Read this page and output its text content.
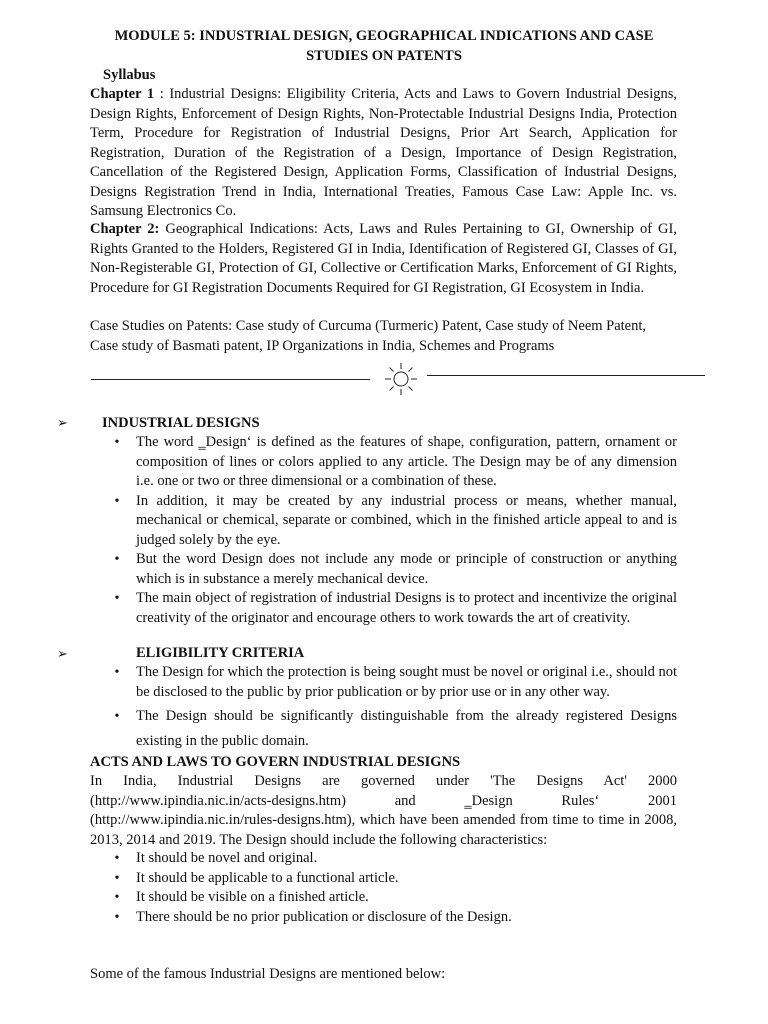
MODULE 5: INDUSTRIAL DESIGN, GEOGRAPHICAL INDICATIONS AND CASE STUDIES ON PATENTS
Syllabus
Chapter 1 : Industrial Designs: Eligibility Criteria, Acts and Laws to Govern Industrial Designs, Design Rights, Enforcement of Design Rights, Non-Protectable Industrial Designs India, Protection Term, Procedure for Registration of Industrial Designs, Prior Art Search, Application for Registration, Duration of the Registration of a Design, Importance of Design Registration, Cancellation of the Registered Design, Application Forms, Classification of Industrial Designs, Designs Registration Trend in India, International Treaties, Famous Case Law: Apple Inc. vs. Samsung Electronics Co.
Chapter 2: Geographical Indications: Acts, Laws and Rules Pertaining to GI, Ownership of GI, Rights Granted to the Holders, Registered GI in India, Identification of Registered GI, Classes of GI, Non-Registerable GI, Protection of GI, Collective or Certification Marks, Enforcement of GI Rights, Procedure for GI Registration Documents Required for GI Registration, GI Ecosystem in India.
Case Studies on Patents: Case study of Curcuma (Turmeric) Patent, Case study of Neem Patent, Case study of Basmati patent, IP Organizations in India, Schemes and Programs
➢ INDUSTRIAL DESIGNS
•	The word ‗Design‘ is defined as the features of shape, configuration, pattern, ornament or composition of lines or colors applied to any article. The Design may be of any dimension i.e. one or two or three dimensional or a combination of these.
•	In addition, it may be created by any industrial process or means, whether manual, mechanical or chemical, separate or combined, which in the finished article appeal to and is judged solely by the eye.
•	But the word Design does not include any mode or principle of construction or anything which is in substance a merely mechanical device.
•	The main object of registration of industrial Designs is to protect and incentivize the original creativity of the originator and encourage others to work towards the art of creativity.
➢	ELIGIBILITY CRITERIA
•	The Design for which the protection is being sought must be novel or original i.e., should not be disclosed to the public by prior publication or by prior use or in any other way.
•	The Design should be significantly distinguishable from the already registered Designs existing in the public domain.
ACTS AND LAWS TO GOVERN INDUSTRIAL DESIGNS
In India, Industrial Designs are governed under 'The Designs Act' 2000 (http://www.ipindia.nic.in/acts-designs.htm) and ‗Design Rules‘ 2001 (http://www.ipindia.nic.in/rules-designs.htm), which have been amended from time to time in 2008, 2013, 2014 and 2019. The Design should include the following characteristics:
•	It should be novel and original.
•	It should be applicable to a functional article.
•	It should be visible on a finished article.
•	There should be no prior publication or disclosure of the Design.
Some of the famous Industrial Designs are mentioned below:
